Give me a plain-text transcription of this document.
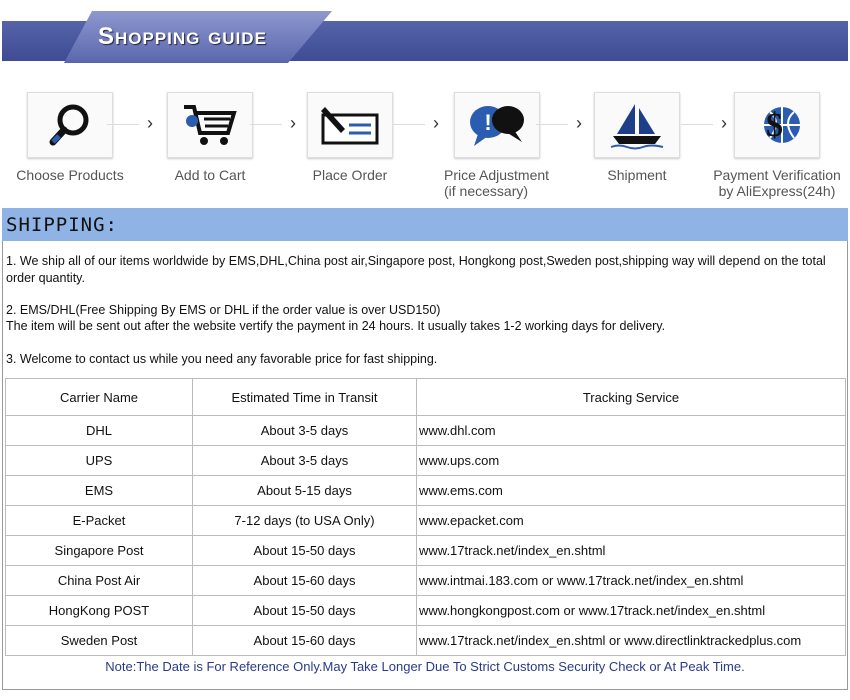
Shopping guide
Choose Products
›
Add to Cart
›
Place Order
› !
Price Adjustment
(if necessary)
›
Shipment
› $
Payment Verification
by AliExpress(24h)
SHIPPING:
1. We ship all of our items worldwide by EMS,DHL,China post air,Singapore post, Hongkong post,Sweden post,shipping way will depend on the total order quantity.
2. EMS/DHL(Free Shipping By EMS or DHL if the order value is over USD150)
The item will be sent out after the website vertify the payment in 24 hours. It usually takes 1-2 working days for delivery.
3. Welcome to contact us while you need any favorable price for fast shipping.
Carrier Name	Estimated Time in Transit	Tracking Service
DHL	About 3-5 days	www.dhl.com
UPS	About 3-5 days	www.ups.com
EMS	About 5-15 days	www.ems.com
E-Packet	7-12 days (to USA Only)	www.epacket.com
Singapore Post	About 15-50 days	www.17track.net/index_en.shtml
China Post Air	About 15-60 days	www.intmai.183.com or www.17track.net/index_en.shtml
HongKong POST	About 15-50 days	www.hongkongpost.com or www.17track.net/index_en.shtml
Sweden Post	About 15-60 days	www.17track.net/index_en.shtml or www.directlinktrackedplus.com
Note:The Date is For Reference Only.May Take Longer Due To Strict Customs Security Check or At Peak Time.
